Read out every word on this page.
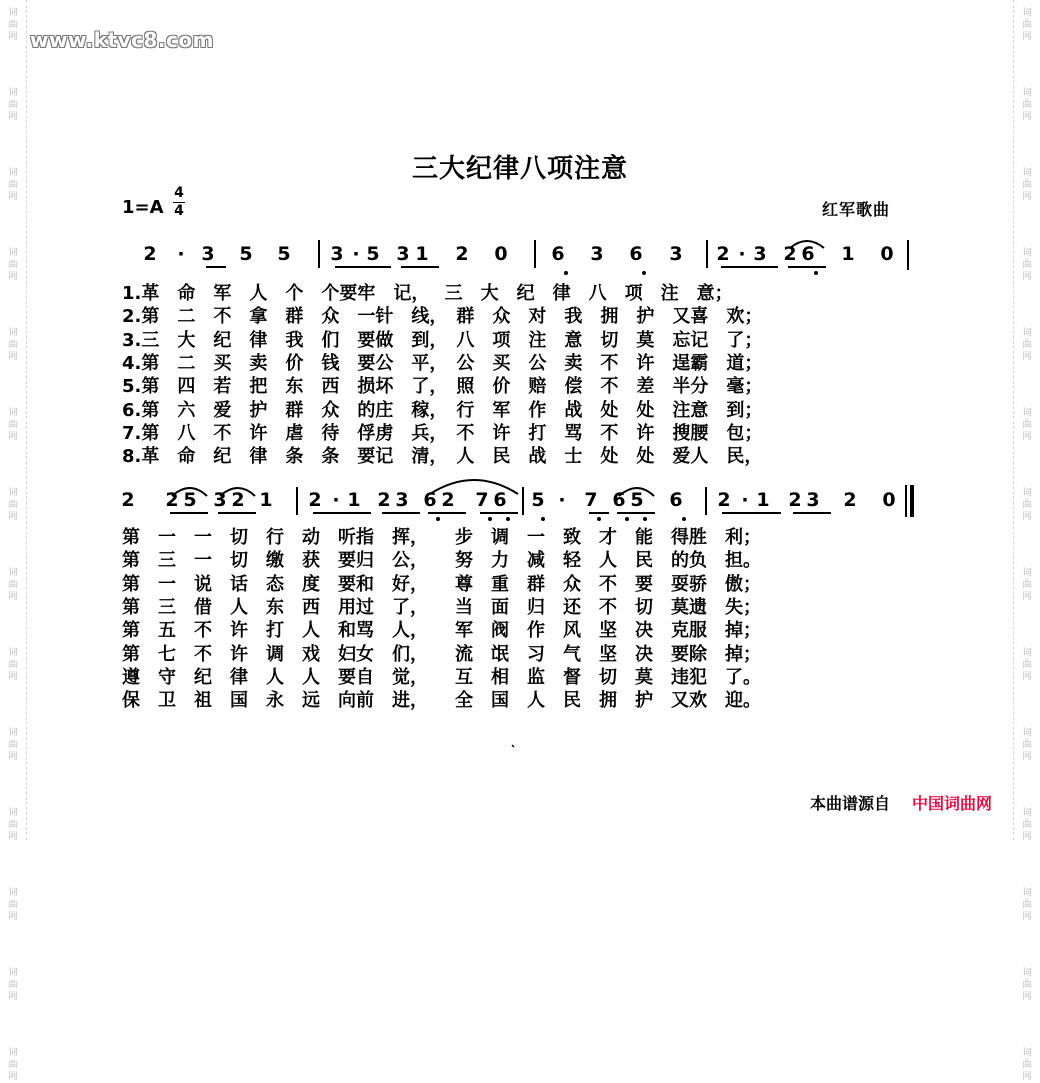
词曲网
词曲网
词曲网
词曲网
词曲网
词曲网
词曲网
词曲网
词曲网
词曲网
词曲网
词曲网
词曲网
词曲网
词曲网
词曲网
词曲网
词曲网
词曲网
词曲网
词曲网
词曲网
词曲网
词曲网
词曲网
词曲网
词曲网
词曲网
www.ktvc8.com
三大纪律八项注意
1=A
4
4	红军歌曲
2 · 3 5 5 3 · 5 3 1 2 0 6 3 6 3 2 · 3 2 6 1 0
2 2 5 3 2 1 2 · 1 2 3 6 2 7 6 5 · 7 6 5 6 2 · 1 2 3 2 0
1.革　命　军　人　个　个要牢　记，　 三　大　纪　律　八　项　注　意；
2.第　二　不　拿　群　众　一针　线，　群　众　对　我　拥　护　又喜　欢；
3.三　大　纪　律　我　们　要做　到，　八　项　注　意　切　莫　忘记　了；
4.第　二　买　卖　价　钱　要公　平，　公　买　公　卖　不　许　逞霸　道；
5.第　四　若　把　东　西　损坏　了，　照　价　赔　偿　不　差　半分　毫；
6.第　六　爱　护　群　众　的庄　稼，　行　军　作　战　处　处　注意　到；
7.第　八　不　许　虐　待　俘虏　兵，　不　许　打　骂　不　许　搜腰　包；
8.革　命　纪　律　条　条　要记　清，　人　民　战　士　处　处　爱人　民，
第　一　一　切　行　动　听指　挥，　　步　调　一　致　才　能　得胜　利；
第　三　一　切　缴　获　要归　公，　　努　力　减　轻　人　民　的负　担。
第　一　说　话　态　度　要和　好，　　尊　重　群　众　不　要　耍骄　傲；
第　三　借　人　东　西　用过　了，　　当　面　归　还　不　切　莫遗　失；
第　五　不　许　打　人　和骂　人，　　军　阀　作　风　坚　决　克服　掉；
第　七　不　许　调　戏　妇女　们，　　流　氓　习　气　坚　决　要除　掉；
遵　守　纪　律　人　人　要自　觉，　　互　相　监　督　切　莫　违犯　了。
保　卫　祖　国　永　远　向前　进，　　全　国　人　民　拥　护　又欢　迎。
本曲谱源自 中国词曲网
